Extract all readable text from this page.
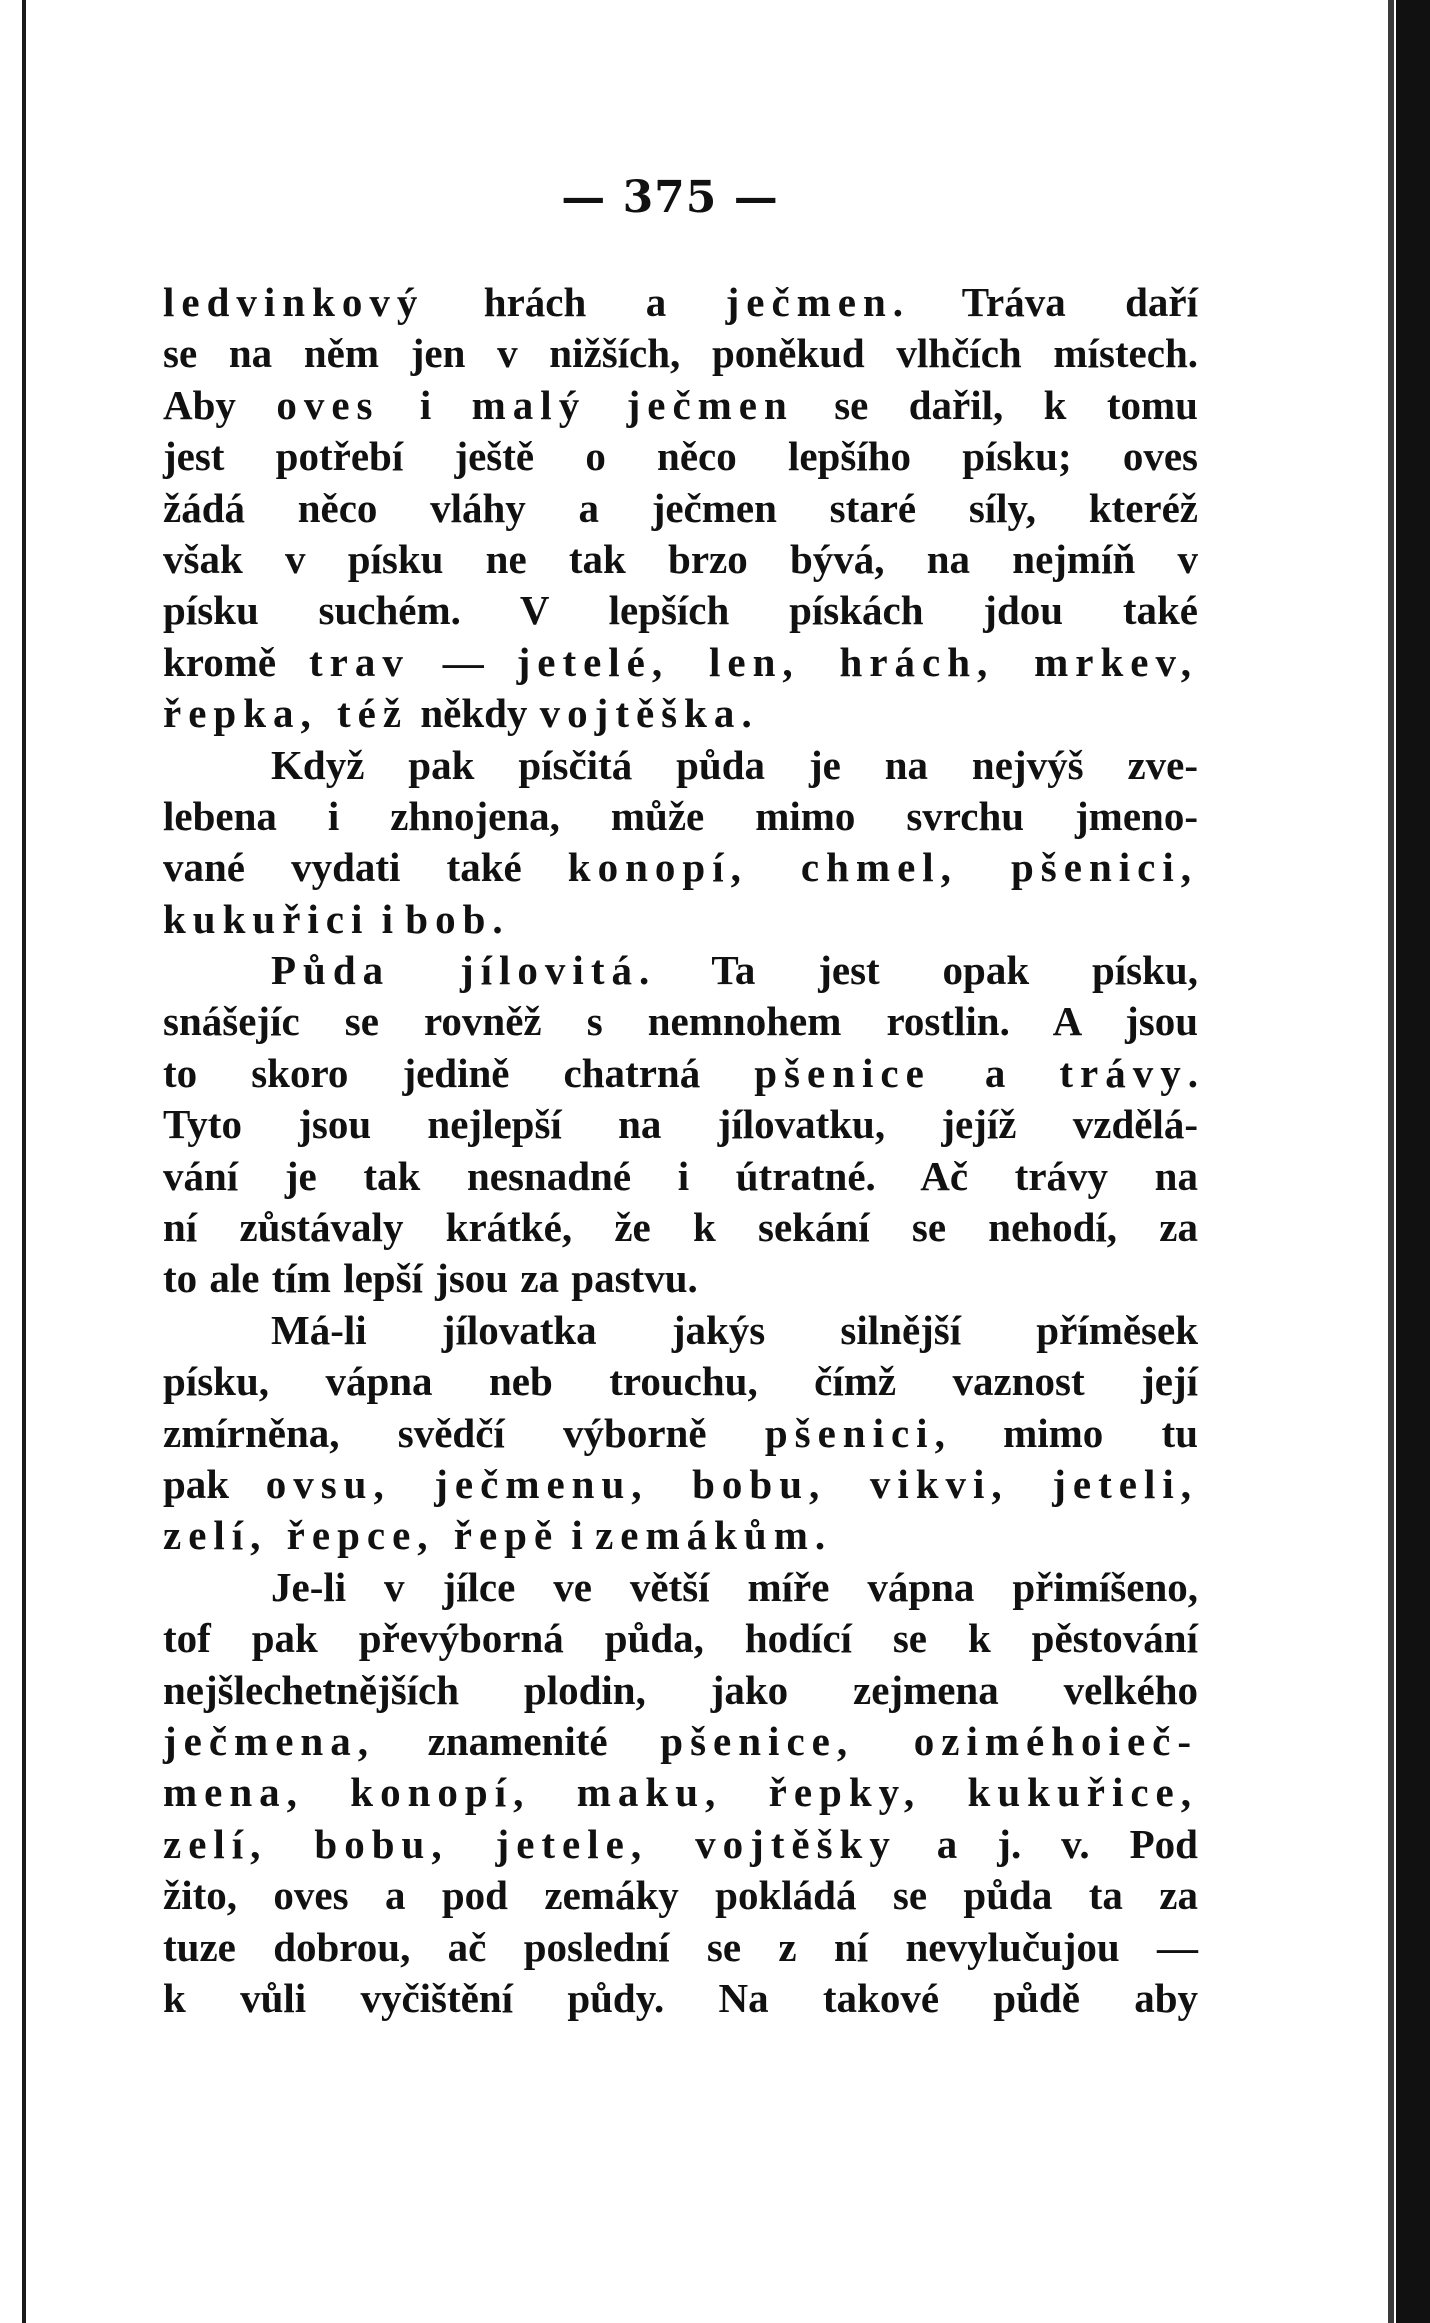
— 375 —
ledvinkový hrách a ječmen. Tráva daří
se na něm jen v nižších, poněkud vlhčích místech.
Aby oves i malý ječmen se dařil, k tomu
jest potřebí ještě o něco lepšího písku; oves
žádá něco vláhy a ječmen staré síly, kteréž
však v písku ne tak brzo bývá, na nejmíň v
písku suchém. V lepších pískách jdou také
kromě trav — jetelé, len, hrách, mrkev,
řepka, též někdy vojtěška.
Když pak písčitá půda je na nejvýš zve-
lebena i zhnojena, může mimo svrchu jmeno-
vané vydati také konopí, chmel, pšenici,
kukuřici i bob.
Půda jílovitá. Ta jest opak písku,
snášejíc se rovněž s nemnohem rostlin. A jsou
to skoro jedině chatrná pšenice a trávy.
Tyto jsou nejlepší na jílovatku, jejíž vzdělá-
vání je tak nesnadné i útratné. Ač trávy na
ní zůstávaly krátké, že k sekání se nehodí, za
to ale tím lepší jsou za pastvu.
Má-li jílovatka jakýs silnější příměsek
písku, vápna neb trouchu, čímž vaznost její
zmírněna, svědčí výborně pšenici, mimo tu
pak ovsu, ječmenu, bobu, vikvi, jeteli,
zelí, řepce, řepě i zemákům.
Je-li v jílce ve větší míře vápna přimíšeno,
tof pak převýborná půda, hodící se k pěstování
nejšlechetnějších plodin, jako zejmena velkého
ječmena, znamenité pšenice, oziméhoieč-
mena, konopí, maku, řepky, kukuřice,
zelí, bobu, jetele, vojtěšky a j. v. Pod
žito, oves a pod zemáky pokládá se půda ta za
tuze dobrou, ač poslední se z ní nevylučujou —
k vůli vyčištění půdy. Na takové půdě aby
